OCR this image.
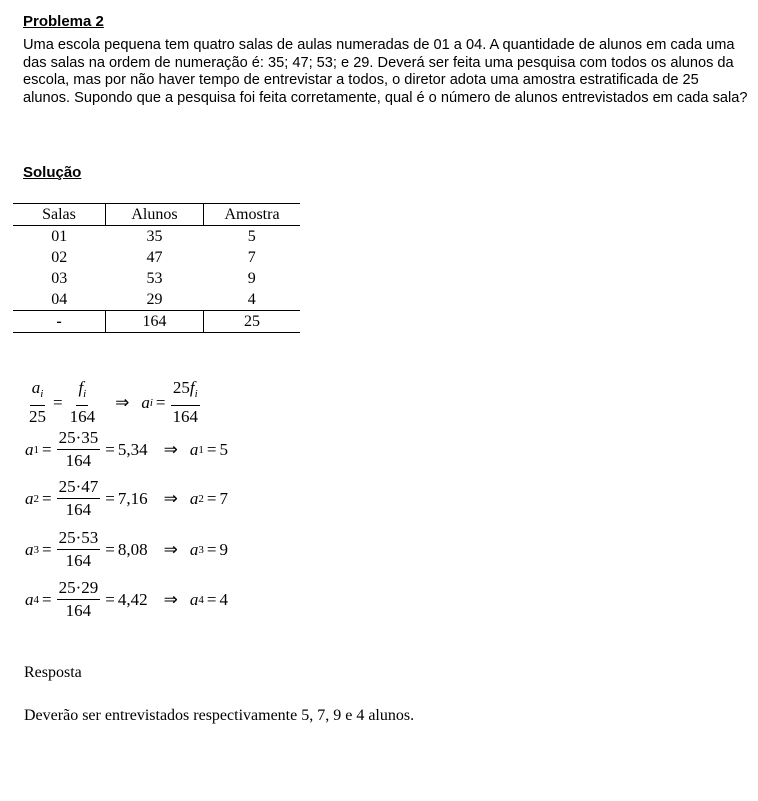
Problema 2
Uma escola pequena tem quatro salas de aulas numeradas de 01 a 04. A quantidade de alunos em cada uma das salas na ordem de numeração é: 35; 47; 53; e 29. Deverá ser feita uma pesquisa com todos os alunos da escola, mas por não haver tempo de entrevistar a todos, o diretor adota uma amostra estratificada de 25 alunos. Supondo que a pesquisa foi feita corretamente, qual é o número de alunos entrevistados em cada sala?
Solução
Salas	Alunos	Amostra
01	35	5
02	47	7
03	53	9
04	29	4
-	164	25
$\frac{a_i}{25} = \frac{f_i}{164}$ ⇒ a $i = \frac{25f_i}{164}$
a $1 = \frac{25\cdot 35}{164} = 5,34$ ⇒ a 1 = 5
a $2 = \frac{25\cdot 47}{164} = 7,16$ ⇒ a 2 = 7
a $3 = \frac{25\cdot 53}{164} = 8,08$ ⇒ a 3 = 9
a $4 = \frac{25\cdot 29}{164} = 4,42$ ⇒ a 4 = 4
Resposta
Deverão ser entrevistados respectivamente 5, 7, 9 e 4 alunos.
